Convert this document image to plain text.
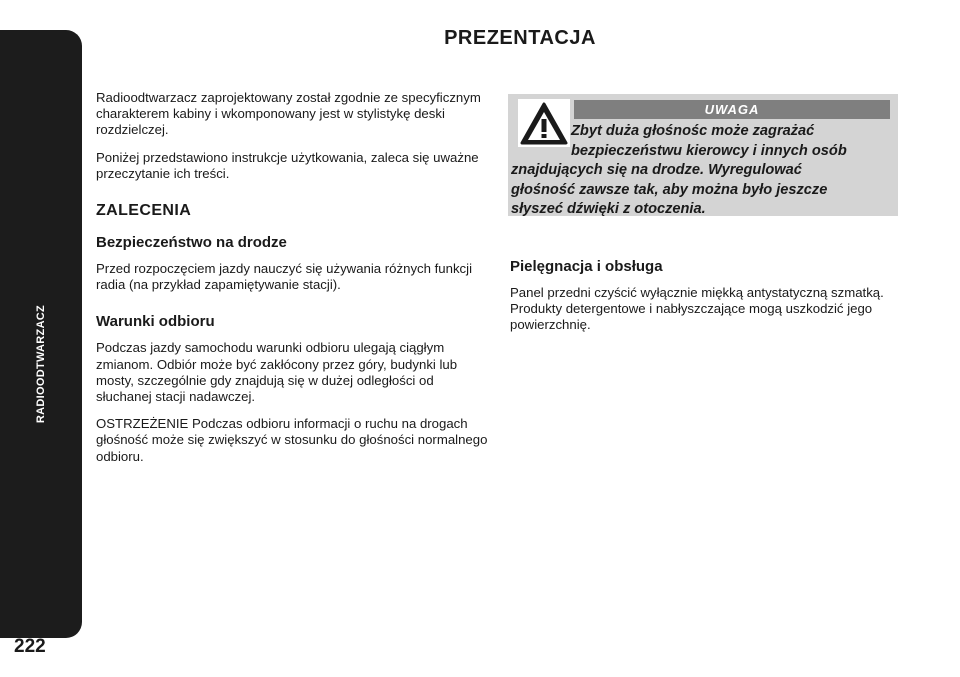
RADIOODTWARZACZ
222
PREZENTACJA

Radioodtwarzacz zaprojektowany został zgodnie ze specyficznym charakterem kabiny i wkomponowany jest w stylistykę deski rozdzielczej.

Poniżej przedstawiono instrukcje użytkowania, zaleca się uważne przeczytanie ich treści.

ZALECENIA
Bezpieczeństwo na drodze

Przed rozpoczęciem jazdy nauczyć się używania różnych funkcji radia (na przykład zapamiętywanie stacji).

Warunki odbioru

Podczas jazdy samochodu warunki odbioru ulegają ciągłym zmianom. Odbiór może być zakłócony przez góry, budynki lub mosty, szczególnie gdy znajdują się w dużej odległości od słuchanej stacji nadawczej.

OSTRZEŻENIE Podczas odbioru informacji o ruchu na drogach głośność może się zwiększyć w stosunku do głośności normalnego odbioru.

UWAGA
Zbyt duża głośnośc może zagrażać
bezpieczeństwu kierowcy i innych osób
znajdujących się na drodze. Wyregulować
głośność zawsze tak, aby można było jeszcze
słyszeć dźwięki z otoczenia.
Pielęgnacja i obsługa

Panel przedni czyścić wyłącznie miękką antystatyczną szmatką. Produkty detergentowe i nabłyszczające mogą uszkodzić jego powierzchnię.
